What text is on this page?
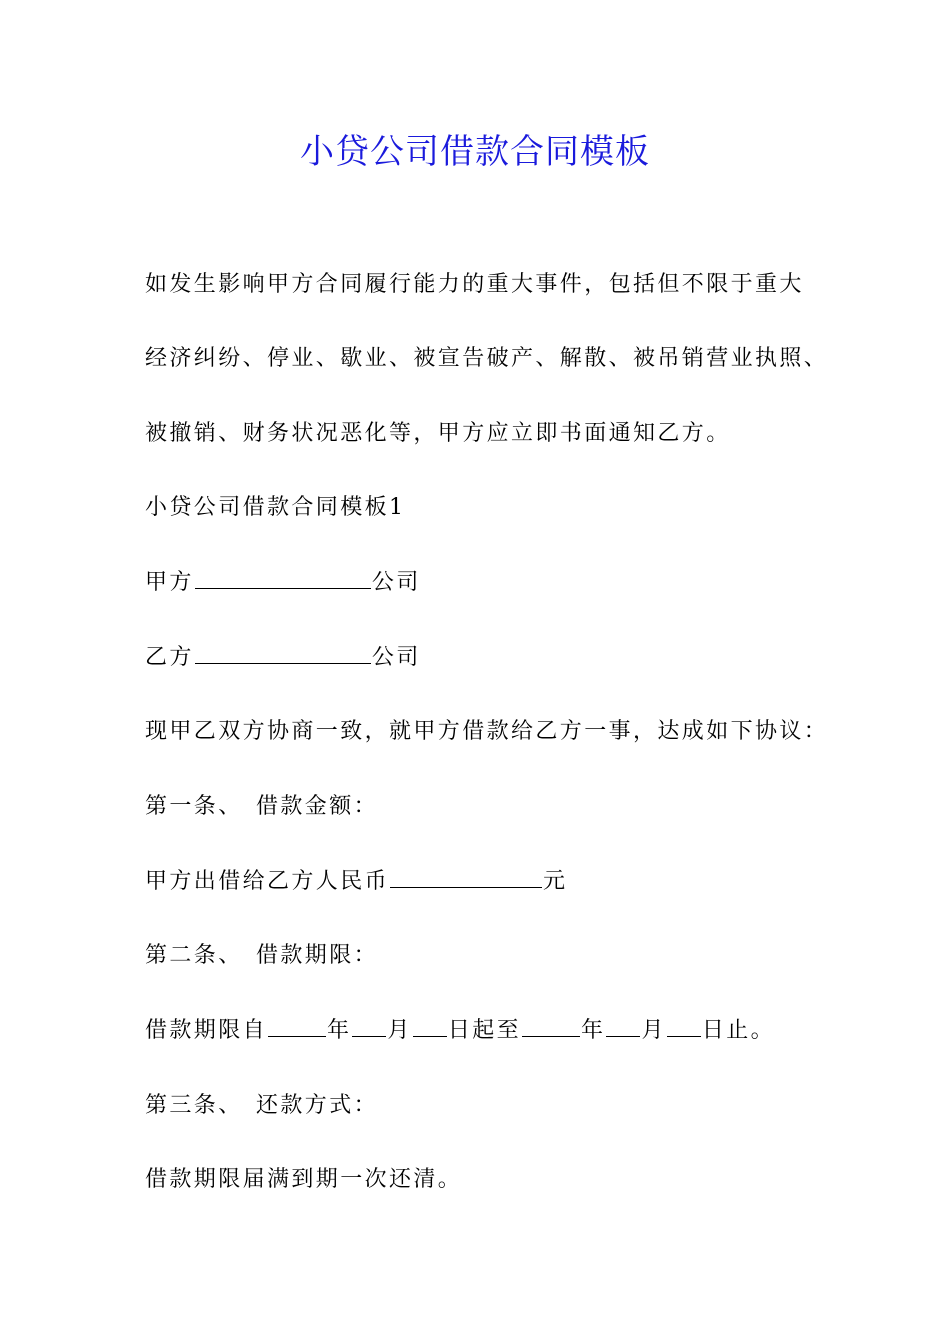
小贷公司借款合同模板
如发生影响甲方合同履行能力的重大事件，包括但不限于重大
经济纠纷、停业、歇业、被宣告破产、解散、被吊销营业执照、
被撤销、财务状况恶化等，甲方应立即书面通知乙方。
小贷公司借款合同模板1
甲方	公司
乙方	公司
现甲乙双方协商一致，就甲方借款给乙方一事，达成如下协议：
第一条、　借款金额：
甲方出借给乙方人民币	元
第二条、　借款期限：
借款期限自	年 月 日起至	年 月 日止。
第三条、　还款方式：
借款期限届满到期一次还清。
